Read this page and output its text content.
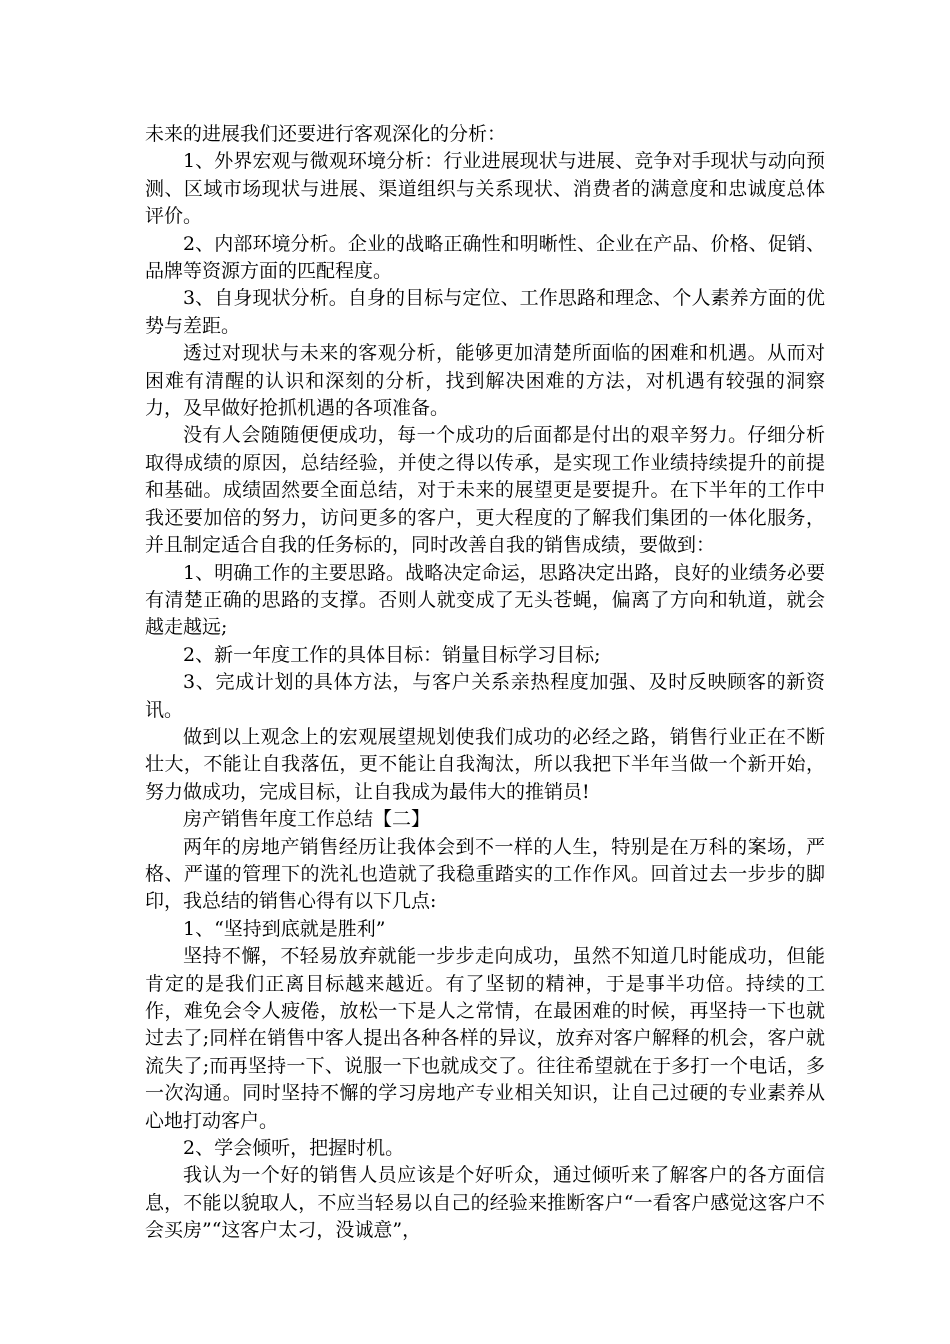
未来的进展我们还要进行客观深化的分析：

1、外界宏观与微观环境分析：行业进展现状与进展、竞争对手现状与动向预测、区域市场现状与进展、渠道组织与关系现状、消费者的满意度和忠诚度总体评价。

2、内部环境分析。企业的战略正确性和明晰性、企业在产品、价格、促销、品牌等资源方面的匹配程度。

3、自身现状分析。自身的目标与定位、工作思路和理念、个人素养方面的优势与差距。

透过对现状与未来的客观分析，能够更加清楚所面临的困难和机遇。从而对困难有清醒的认识和深刻的分析，找到解决困难的方法，对机遇有较强的洞察力，及早做好抢抓机遇的各项准备。

没有人会随随便便成功，每一个成功的后面都是付出的艰辛努力。仔细分析取得成绩的原因，总结经验，并使之得以传承，是实现工作业绩持续提升的前提和基础。成绩固然要全面总结，对于未来的展望更是要提升。在下半年的工作中我还要加倍的努力，访问更多的客户，更大程度的了解我们集团的一体化服务，并且制定适合自我的任务标的，同时改善自我的销售成绩，要做到：

1、明确工作的主要思路。战略决定命运，思路决定出路，良好的业绩务必要有清楚正确的思路的支撑。否则人就变成了无头苍蝇，偏离了方向和轨道，就会越走越远;

2、新一年度工作的具体目标：销量目标学习目标;

3、完成计划的具体方法，与客户关系亲热程度加强、及时反映顾客的新资讯。

做到以上观念上的宏观展望规划使我们成功的必经之路，销售行业正在不断壮大，不能让自我落伍，更不能让自我淘汰，所以我把下半年当做一个新开始，努力做成功，完成目标，让自我成为最伟大的推销员!

房产销售年度工作总结【二】

两年的房地产销售经历让我体会到不一样的人生，特别是在万科的案场，严格、严谨的管理下的洗礼也造就了我稳重踏实的工作作风。回首过去一步步的脚印，我总结的销售心得有以下几点:

1、“坚持到底就是胜利”

坚持不懈，不轻易放弃就能一步步走向成功，虽然不知道几时能成功，但能肯定的是我们正离目标越来越近。有了坚韧的精神，于是事半功倍。持续的工作，难免会令人疲倦，放松一下是人之常情，在最困难的时候，再坚持一下也就过去了;同样在销售中客人提出各种各样的异议，放弃对客户解释的机会，客户就流失了;而再坚持一下、说服一下也就成交了。往往希望就在于多打一个电话，多一次沟通。同时坚持不懈的学习房地产专业相关知识，让自己过硬的专业素养从心地打动客户。

2、学会倾听，把握时机。

我认为一个好的销售人员应该是个好听众，通过倾听来了解客户的各方面信息，不能以貌取人，不应当轻易以自己的经验来推断客户“一看客户感觉这客户不会买房”“这客户太刁，没诚意”，
